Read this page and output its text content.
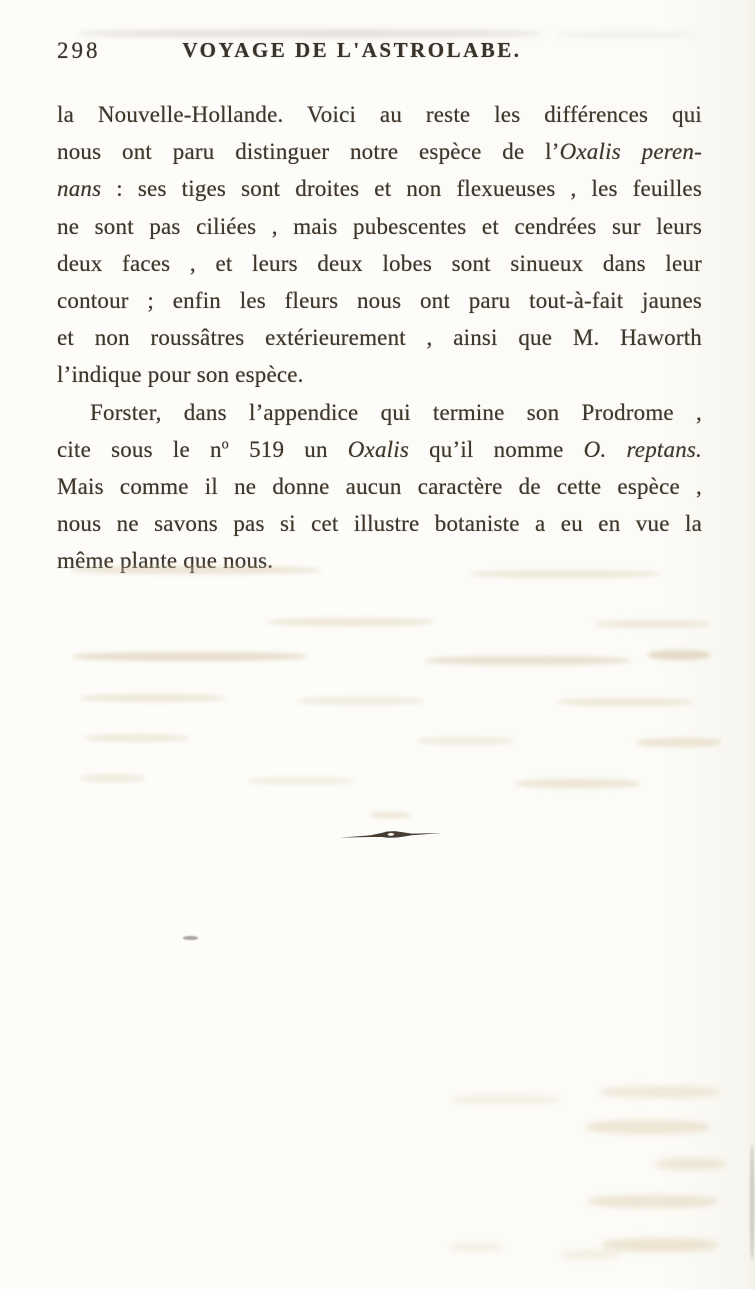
298	VOYAGE DE L'ASTROLABE.
la Nouvelle-Hollande. Voici au reste les différences qui
nous ont paru distinguer notre espèce de l’Oxalis peren-
nans : ses tiges sont droites et non flexueuses , les feuilles
ne sont pas ciliées , mais pubescentes et cendrées sur leurs
deux faces , et leurs deux lobes sont sinueux dans leur
contour ; enfin les fleurs nous ont paru tout-à-fait jaunes
et non roussâtres extérieurement , ainsi que M. Haworth
l’indique pour son espèce.
Forster, dans l’appendice qui termine son Prodrome ,
cite sous le $n^o$ 519 un Oxalis qu’il nomme O. reptans.
Mais comme il ne donne aucun caractère de cette espèce ,
nous ne savons pas si cet illustre botaniste a eu en vue la
même plante que nous.
